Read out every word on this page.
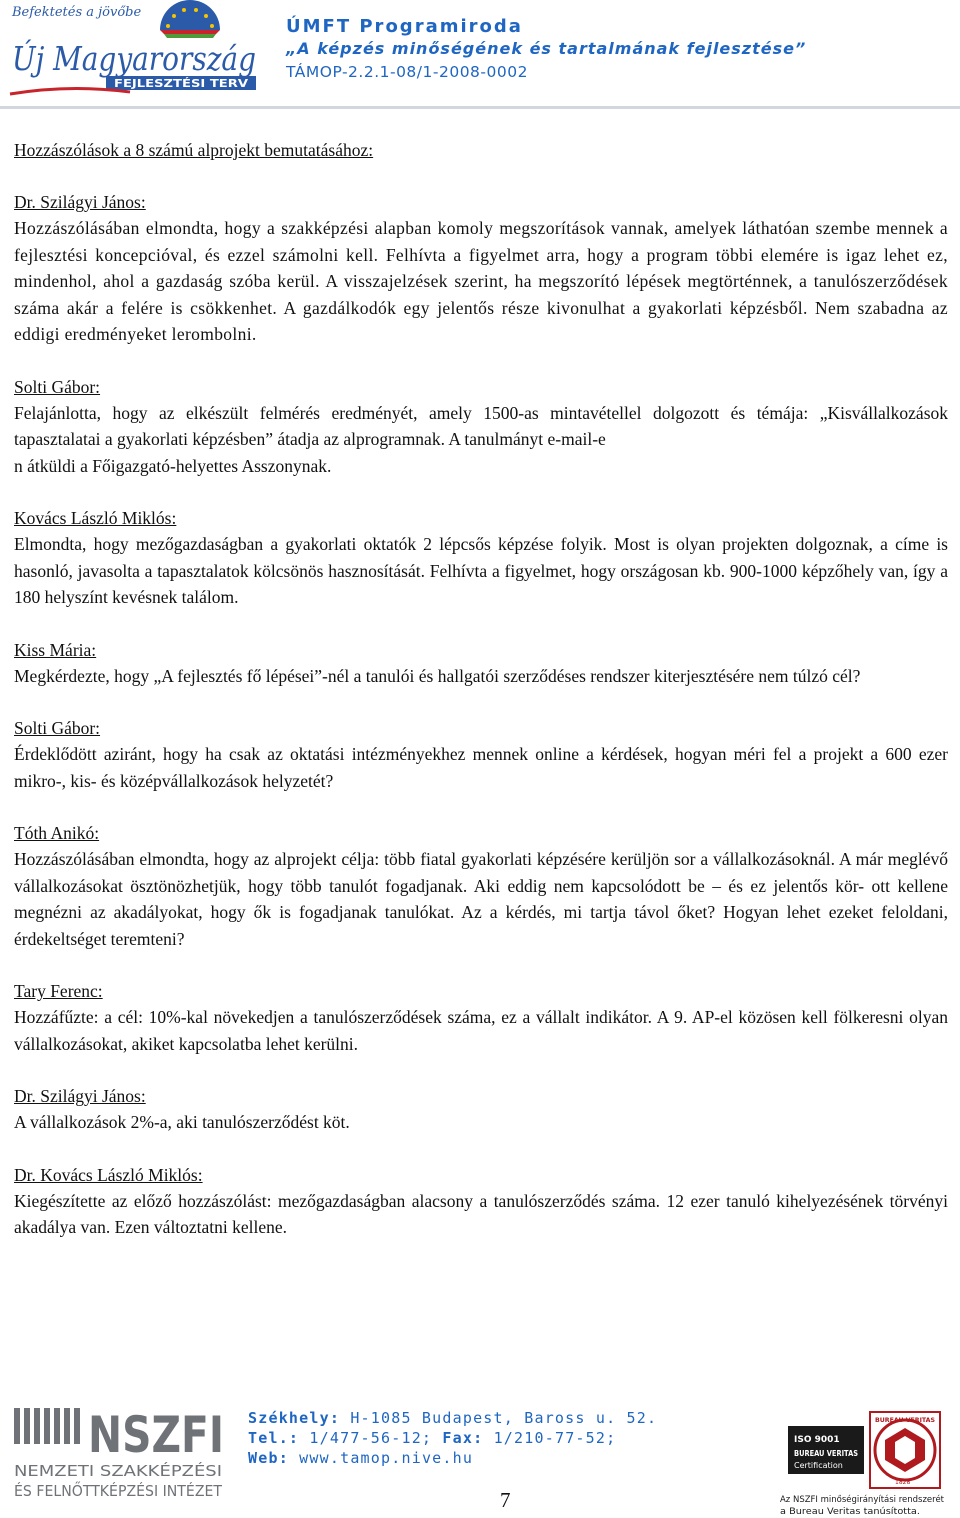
Befektetés a jövőbe
Új Magyarország
FEJLESZTÉSI TERV
ÚMFT Programiroda
„A képzés minőségének és tartalmának fejlesztése”
TÁMOP-2.2.1-08/1-2008-0002
Hozzászólások a 8 számú alprojekt bemutatásához:
Dr. Szilágyi János:

Hozzászólásában elmondta, hogy a szakképzési alapban komoly megszorítások vannak, amelyek láthatóan szembe mennek a fejlesztési koncepcióval, és ezzel számolni kell. Felhívta a figyelmet arra, hogy a program többi elemére is igaz lehet ez, mindenhol, ahol a gazdaság szóba kerül. A visszajelzések szerint, ha megszorító lépések megtörténnek, a tanulószerződések száma akár a felére is csökkenhet. A gazdálkodók egy jelentős része kivonulhat a gyakorlati képzésből. Nem szabadna az eddigi eredményeket lerombolni.

Solti Gábor:

Felajánlotta, hogy az elkészült felmérés eredményét, amely 1500-as mintavétellel dolgozott és témája: „Kisvállalkozások tapasztalatai a gyakorlati képzésben” átadja az alprogramnak. A tanulmányt e-mail-e

n átküldi a Főigazgató-helyettes Asszonynak.

Kovács László Miklós:

Elmondta, hogy mezőgazdaságban a gyakorlati oktatók 2 lépcsős képzése folyik. Most is olyan projekten dolgoznak, a címe is hasonló, javasolta a tapasztalatok kölcsönös hasznosítását. Felhívta a figyelmet, hogy országosan kb. 900-1000 képzőhely van, így a 180 helyszínt kevésnek találom.

Kiss Mária:

Megkérdezte, hogy „A fejlesztés fő lépései”-nél a tanulói és hallgatói szerződéses rendszer kiterjesztésére nem túlzó cél?

Solti Gábor:

Érdeklődött aziránt, hogy ha csak az oktatási intézményekhez mennek online a kérdések, hogyan méri fel a projekt a 600 ezer mikro-, kis- és középvállalkozások helyzetét?

Tóth Anikó:

Hozzászólásában elmondta, hogy az alprojekt célja: több fiatal gyakorlati képzésére kerüljön sor a vállalkozásoknál. A már meglévő vállalkozásokat ösztönözhetjük, hogy több tanulót fogadjanak. Aki eddig nem kapcsolódott be – és ez jelentős kör- ott kellene megnézni az akadályokat, hogy ők is fogadjanak tanulókat. Az a kérdés, mi tartja távol őket? Hogyan lehet ezeket feloldani, érdekeltséget teremteni?

Tary Ferenc:

Hozzáfűzte: a cél: 10%-kal növekedjen a tanulószerződések száma, ez a vállalt indikátor. A 9. AP-el közösen kell fölkeresni olyan vállalkozásokat, akiket kapcsolatba lehet kerülni.

Dr. Szilágyi János:

A vállalkozások 2%-a, aki tanulószerződést köt.

Dr. Kovács László Miklós:

Kiegészítette az előző hozzászólást: mezőgazdaságban alacsony a tanulószerződés száma. 12 ezer tanuló kihelyezésének törvényi akadálya van. Ezen változtatni kellene.

NSZFI
NEMZETI SZAKKÉPZÉSI
ÉS FELNŐTTKÉPZÉSI INTÉZET
Székhely: H-1085 Budapest, Baross u. 52.
Tel.: 1/477-56-12; Fax: 1/210-77-52;
Web: www.tamop.nive.hu
7
ISO 9001
BUREAU VERITAS
Certification
BUREAU VERITAS
1828
Az NSZFI minőségirányítási rendszerét
a Bureau Veritas tanúsította.
